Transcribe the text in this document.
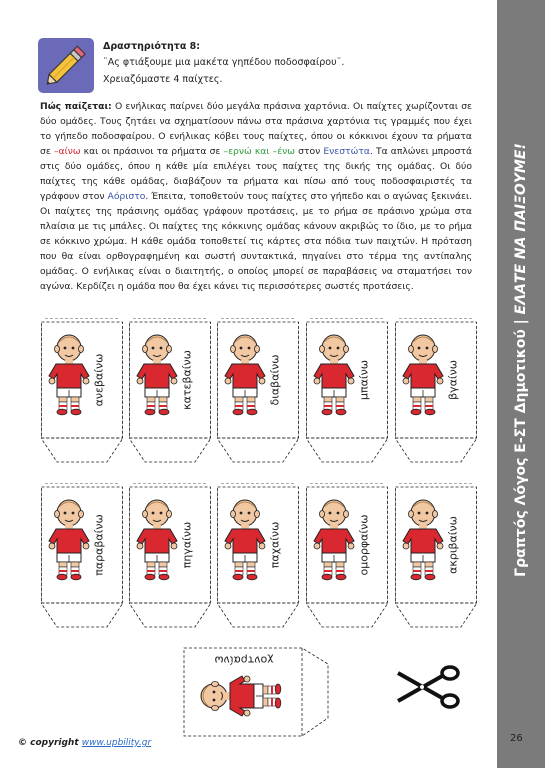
Γραπτός Λόγος Ε-ΣΤ Δημοτικού | ΕΛΑΤΕ ΝΑ ΠΑΙΞΟΥΜΕ!
Δραστηριότητα 8:
¨Ας φτιάξουμε μια μακέτα γηπέδου ποδοσφαίρου¨.
Χρειαζόμαστε 4 παίχτες.
Πώς παίζεται: Ο ενήλικας παίρνει δύο μεγάλα πράσινα χαρτόνια. Οι παίχτες χωρίζονται σε δύο ομάδες. Τους ζητάει να σχηματίσουν πάνω στα πράσινα χαρτόνια τις γραμμές που έχει το γήπεδο ποδοσφαίρου. Ο ενήλικας κόβει τους παίχτες, όπου οι κόκκινοι έχουν τα ρήματα σε –αίνω και οι πράσινοι τα ρήματα σε –ερνώ και –ένω στον Ενεστώτα. Τα απλώνει μπροστά στις δύο ομάδες, όπου η κάθε μία επιλέγει τους παίχτες της δικής της ομάδας. Οι δύο παίχτες της κάθε ομάδας, διαβάζουν τα ρήματα και πίσω από τους ποδοσφαιριστές τα γράφουν στον Αόριστο. Έπειτα, τοποθετούν τους παίχτες στο γήπεδο και ο αγώνας ξεκινάει. Οι παίχτες της πράσινης ομάδας γράφουν προτάσεις, με το ρήμα σε πράσινο χρώμα στα πλαίσια με τις μπάλες. Οι παίχτες της κόκκινης ομάδας κάνουν ακριβώς το ίδιο, με το ρήμα σε κόκκινο χρώμα. Η κάθε ομάδα τοποθετεί τις κάρτες στα πόδια των παιχτών. Η πρόταση που θα είναι ορθογραφημένη και σωστή συντακτικά, πηγαίνει στο τέρμα της αντίπαλης ομάδας. Ο ενήλικας είναι ο διαιτητής, ο οποίος μπορεί σε παραβάσεις να σταματήσει τον αγώνα. Κερδίζει η ομάδα που θα έχει κάνει τις περισσότερες σωστές προτάσεις.
ανεβαίνω	κατεβαίνω	διαβαίνω	μπαίνω	βγαίνω
παραβαίνω	πηγαίνω	παχαίνω	ομορφαίνω	ακριβαίνω
χοντραίνω
© copyright www.upbility.gr	26
